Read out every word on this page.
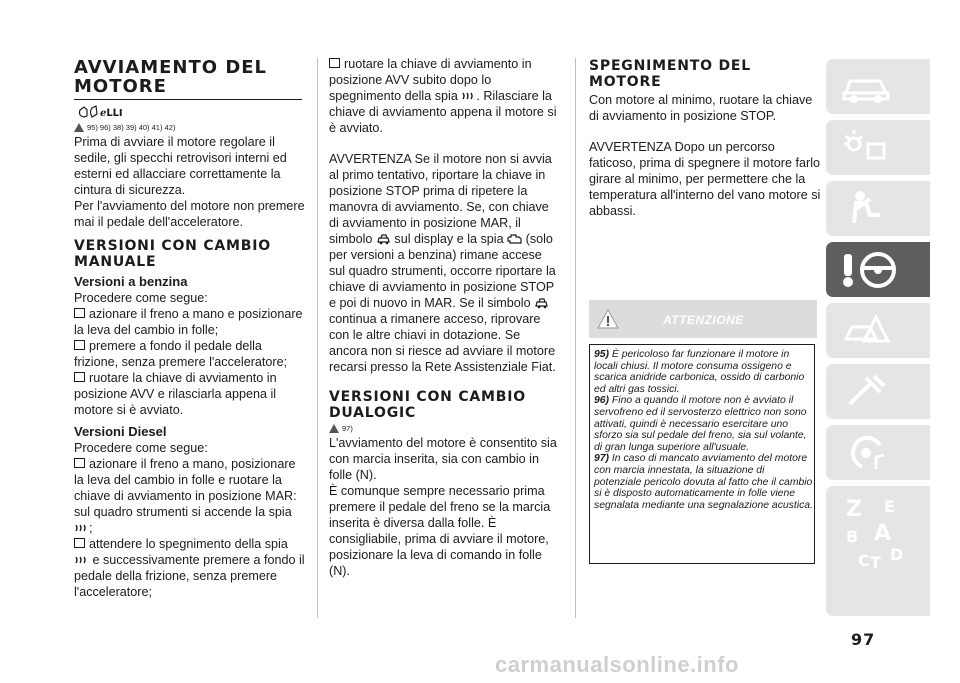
AVVIAMENTO DEL MOTORE
ℯᒪᒪI
95) 96) 38) 39) 40) 41) 42)

Prima di avviare il motore regolare il sedile, gli specchi retrovisori interni ed esterni ed allacciare correttamente la cintura di sicurezza.

Per l'avviamento del motore non premere mai il pedale dell'acceleratore.

VERSIONI CON CAMBIO MANUALE
Versioni a benzina

Procedere come segue:

azionare il freno a mano e posizionare la leva del cambio in folle;
premere a fondo il pedale della frizione, senza premere l'acceleratore;
ruotare la chiave di avviamento in posizione AVV e rilasciarla appena il motore si è avviato.
Versioni Diesel

Procedere come segue:

azionare il freno a mano, posizionare la leva del cambio in folle e ruotare la chiave di avviamento in posizione MAR: sul quadro strumenti si accende la spia
;
attendere lo spegnimento della spia
e successivamente premere a fondo il pedale della frizione, senza premere l'acceleratore;
ruotare la chiave di avviamento in posizione AVV subito dopo lo spegnimento della spia . Rilasciare la chiave di avviamento appena il motore si è avviato.

AVVERTENZA Se il motore non si avvia al primo tentativo, riportare la chiave in posizione STOP prima di ripetere la manovra di avviamento. Se, con chiave di avviamento in posizione MAR, il simbolo sul display e la spia (solo per versioni a benzina) rimane accese sul quadro strumenti, occorre riportare la chiave di avviamento in posizione STOP e poi di nuovo in MAR. Se il simbolo  continua a rimanere acceso, riprovare con le altre chiavi in dotazione. Se ancora non si riesce ad avviare il motore recarsi presso la Rete Assistenziale Fiat.

VERSIONI CON CAMBIO DUALOGIC
97)

L'avviamento del motore è consentito sia con marcia inserita, sia con cambio in folle (N).

È comunque sempre necessario prima premere il pedale del freno se la marcia inserita è diversa dalla folle. È consigliabile, prima di avviare il motore, posizionare la leva di comando in folle (N).

SPEGNIMENTO DEL MOTORE

Con motore al minimo, ruotare la chiave di avviamento in posizione STOP.

AVVERTENZA Dopo un percorso faticoso, prima di spegnere il motore farlo girare al minimo, per permettere che la temperatura all'interno del vano motore si abbassi.

ATTENZIONE

95) È pericoloso far funzionare il motore in locali chiusi. Il motore consuma ossigeno e scarica anidride carbonica, ossido di carbonio ed altri gas tossici.

96) Fino a quando il motore non è avviato il servofreno ed il servosterzo elettrico non sono attivati, quindi è necessario esercitare uno sforzo sia sul pedale del freno, sia sul volante, di gran lunga superiore all'usuale.

97) In caso di mancato avviamento del motore con marcia innestata, la situazione di potenziale pericolo dovuta al fatto che il cambio si è disposto automaticamente in folle viene segnalata mediante una segnalazione acustica. Z E
B A
C T D
97
carmanualsonline.info
